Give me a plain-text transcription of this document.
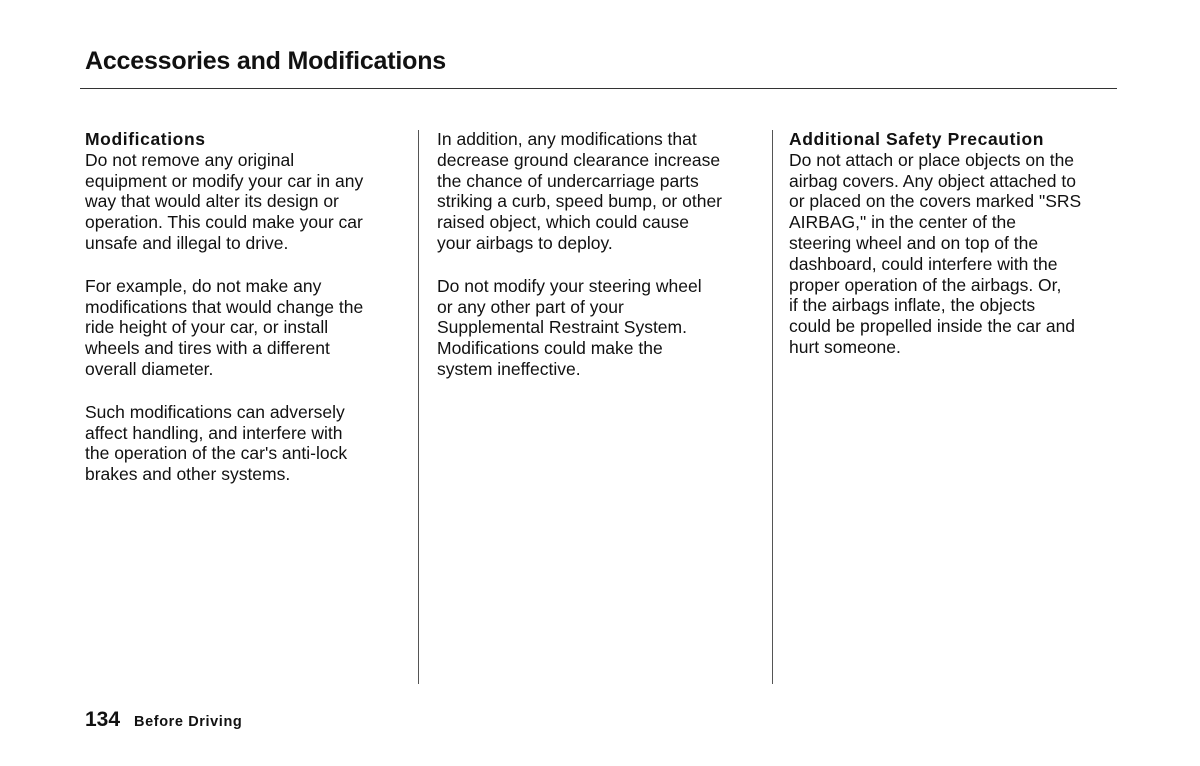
Accessories and Modifications
Modifications

Do not remove any original
equipment or modify your car in any
way that would alter its design or
operation. This could make your car
unsafe and illegal to drive.

For example, do not make any
modifications that would change the
ride height of your car, or install
wheels and tires with a different
overall diameter.

Such modifications can adversely
affect handling, and interfere with
the operation of the car's anti-lock
brakes and other systems.

In addition, any modifications that
decrease ground clearance increase
the chance of undercarriage parts
striking a curb, speed bump, or other
raised object, which could cause
your airbags to deploy.

Do not modify your steering wheel
or any other part of your
Supplemental Restraint System.
Modifications could make the
system ineffective.

Additional Safety Precaution

Do not attach or place objects on the
airbag covers. Any object attached to
or placed on the covers marked "SRS
AIRBAG," in the center of the
steering wheel and on top of the
dashboard, could interfere with the
proper operation of the airbags. Or,
if the airbags inflate, the objects
could be propelled inside the car and
hurt someone.

134 Before Driving
